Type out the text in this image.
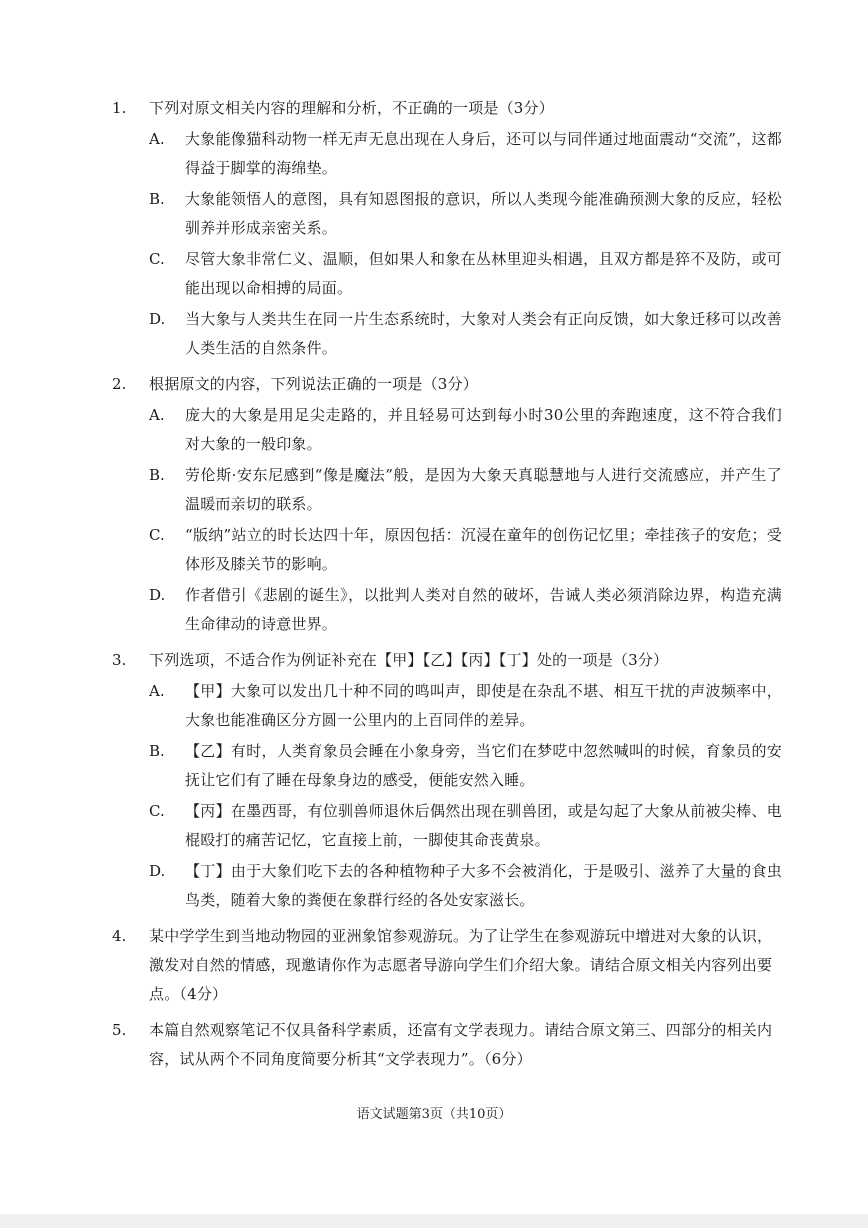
1.	下列对原文相关内容的理解和分析，不正确的一项是（3分）
A.	大象能像猫科动物一样无声无息出现在人身后，还可以与同伴通过地面震动“交流”，这都得益于脚掌的海绵垫。
B.	大象能领悟人的意图，具有知恩图报的意识，所以人类现今能准确预测大象的反应，轻松驯养并形成亲密关系。
C.	尽管大象非常仁义、温顺，但如果人和象在丛林里迎头相遇，且双方都是猝不及防，或可能出现以命相搏的局面。
D.	当大象与人类共生在同一片生态系统时，大象对人类会有正向反馈，如大象迁移可以改善人类生活的自然条件。
2.	根据原文的内容，下列说法正确的一项是（3分）
A.	庞大的大象是用足尖走路的，并且轻易可达到每小时30公里的奔跑速度，这不符合我们对大象的一般印象。
B.	劳伦斯·安东尼感到“像是魔法”般，是因为大象天真聪慧地与人进行交流感应，并产生了温暖而亲切的联系。
C.	“版纳”站立的时长达四十年，原因包括：沉浸在童年的创伤记忆里；牵挂孩子的安危；受体形及膝关节的影响。
D.	作者借引《悲剧的诞生》，以批判人类对自然的破坏，告诫人类必须消除边界，构造充满生命律动的诗意世界。
3.	下列选项，不适合作为例证补充在【甲】【乙】【丙】【丁】处的一项是（3分）
A.	【甲】大象可以发出几十种不同的鸣叫声，即使是在杂乱不堪、相互干扰的声波频率中，大象也能准确区分方圆一公里内的上百同伴的差异。
B.	【乙】有时，人类育象员会睡在小象身旁，当它们在梦呓中忽然喊叫的时候，育象员的安抚让它们有了睡在母象身边的感受，便能安然入睡。
C.	【丙】在墨西哥，有位驯兽师退休后偶然出现在驯兽团，或是勾起了大象从前被尖棒、电棍殴打的痛苦记忆，它直接上前，一脚使其命丧黄泉。
D.	【丁】由于大象们吃下去的各种植物种子大多不会被消化，于是吸引、滋养了大量的食虫鸟类，随着大象的粪便在象群行经的各处安家滋长。
4.	某中学学生到当地动物园的亚洲象馆参观游玩。为了让学生在参观游玩中增进对大象的认识，激发对自然的情感，现邀请你作为志愿者导游向学生们介绍大象。请结合原文相关内容列出要点。（4分）
5.	本篇自然观察笔记不仅具备科学素质，还富有文学表现力。请结合原文第三、四部分的相关内容，试从两个不同角度简要分析其“文学表现力”。（6分）
语文试题第3页（共10页）
